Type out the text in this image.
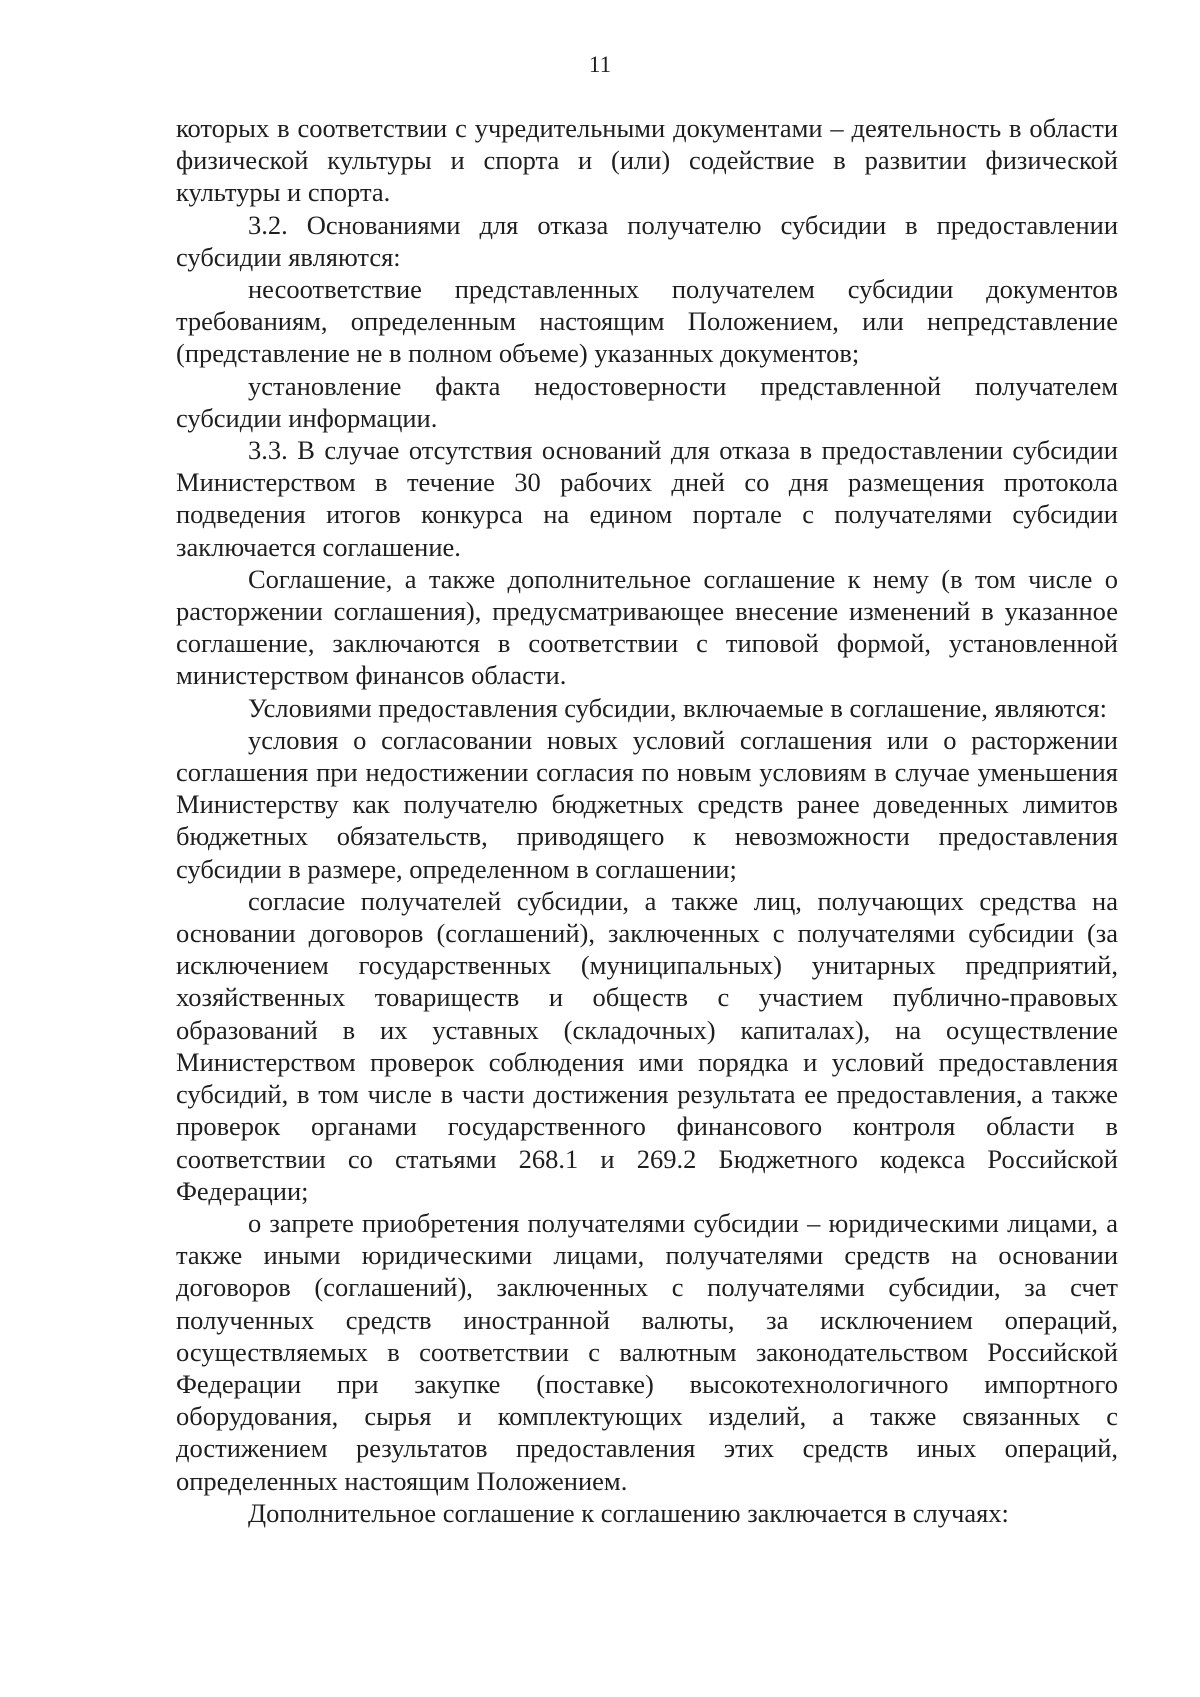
11

которых в соответствии с учредительными документами – деятельность в области физической культуры и спорта и (или) содействие в развитии физической культуры и спорта.

3.2. Основаниями для отказа получателю субсидии в предоставлении субсидии являются:

несоответствие представленных получателем субсидии документов требованиям, определенным настоящим Положением, или непредставление (представление не в полном объеме) указанных документов;

установление факта недостоверности представленной получателем субсидии информации.

3.3. В случае отсутствия оснований для отказа в предоставлении субсидии Министерством в течение 30 рабочих дней со дня размещения протокола подведения итогов конкурса на едином портале с получателями субсидии заключается соглашение.

Соглашение, а также дополнительное соглашение к нему (в том числе о расторжении соглашения), предусматривающее внесение изменений в указанное соглашение, заключаются в соответствии с типовой формой, установленной министерством финансов области.

Условиями предоставления субсидии, включаемые в соглашение, являются:

условия о согласовании новых условий соглашения или о расторжении соглашения при недостижении согласия по новым условиям в случае уменьшения Министерству как получателю бюджетных средств ранее доведенных лимитов бюджетных обязательств, приводящего к невозможности предоставления субсидии в размере, определенном в соглашении;

согласие получателей субсидии, а также лиц, получающих средства на основании договоров (соглашений), заключенных с получателями субсидии (за исключением государственных (муниципальных) унитарных предприятий, хозяйственных товариществ и обществ с участием публично-правовых образований в их уставных (складочных) капиталах), на осуществление Министерством проверок соблюдения ими порядка и условий предоставления субсидий, в том числе в части достижения результата ее предоставления, а также проверок органами государственного финансового контроля области в соответствии со статьями 268.1 и 269.2 Бюджетного кодекса Российской Федерации;

о запрете приобретения получателями субсидии – юридическими лицами, а также иными юридическими лицами, получателями средств на основании договоров (соглашений), заключенных с получателями субсидии, за счет полученных средств иностранной валюты, за исключением операций, осуществляемых в соответствии с валютным законодательством Российской Федерации при закупке (поставке) высокотехнологичного импортного оборудования, сырья и комплектующих изделий, а также связанных с достижением результатов предоставления этих средств иных операций, определенных настоящим Положением.

Дополнительное соглашение к соглашению заключается в случаях:
